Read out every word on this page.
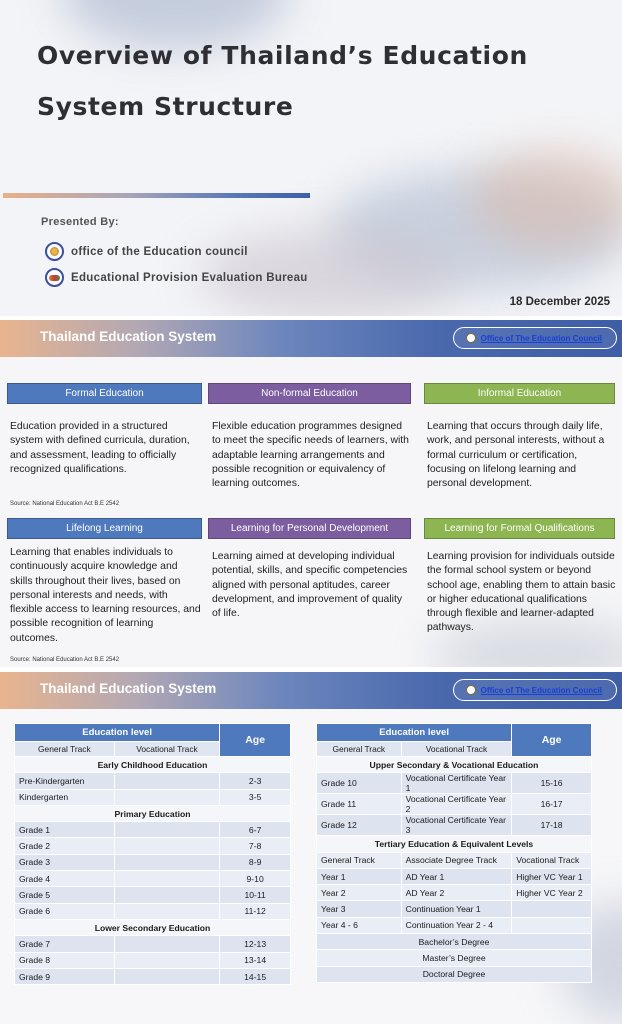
Overview of Thailand’s Education System Structure
Presented By:
office of the Education council
Educational Provision Evaluation Bureau
18 December 2025
Thailand Education System	Office of The Education Council
Formal Education	Non-formal Education	Informal Education

Education provided in a structured system with defined curricula, duration, and assessment, leading to officially recognized qualifications.

Flexible education programmes designed to meet the specific needs of learners, with adaptable learning arrangements and possible recognition or equivalency of learning outcomes.

Learning that occurs through daily life, work, and personal interests, without a formal curriculum or certification, focusing on lifelong learning and personal development.

Source: National Education Act B.E 2542
Lifelong Learning	Learning for Personal Development	Learning for Formal Qualifications

Learning that enables individuals to continuously acquire knowledge and skills throughout their lives, based on personal interests and needs, with flexible access to learning resources, and possible recognition of learning outcomes.

Learning aimed at developing individual potential, skills, and specific competencies aligned with personal aptitudes, career development, and improvement of quality of life.

Learning provision for individuals outside the formal school system or beyond school age, enabling them to attain basic or higher educational qualifications through flexible and learner-adapted pathways.

Source: National Education Act B.E 2542
Thailand Education System	Office of The Education Council
Education level		Age
General Track	Vocational Track	
Early Childhood Education		
Pre-Kindergarten		2-3
Kindergarten		3-5
Primary Education		
Grade 1		6-7
Grade 2		7-8
Grade 3		8-9
Grade 4		9-10
Grade 5		10-11
Grade 6		11-12
Lower Secondary Education		
Grade 7		12-13
Grade 8		13-14
Grade 9		14-15
Education level		Age
General Track	Vocational Track	
Upper Secondary & Vocational Education		
Grade 10	Vocational Certificate Year 1	15-16
Grade 11	Vocational Certificate Year 2	16-17
Grade 12	Vocational Certificate Year 3	17-18
Tertiary Education & Equivalent Levels		
General Track	Associate Degree Track	Vocational Track
Year 1	AD Year 1	Higher VC Year 1
Year 2	AD Year 2	Higher VC Year 2
Year 3	Continuation Year 1	
Year 4 - 6	Continuation Year 2 - 4	
Bachelor’s Degree		
Master’s Degree		
Doctoral Degree		
